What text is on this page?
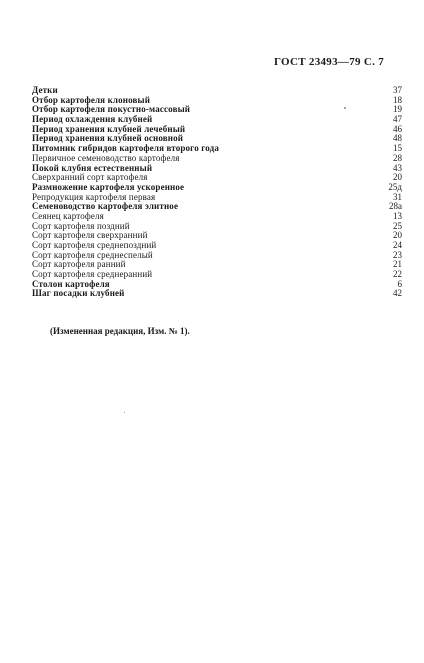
ГОСТ 23493—79 С. 7
Детки	37
Отбор картофеля клоновый	18
Отбор картофеля покустно-массовый	19
Период охлаждения клубней	47
Период хранения клубней лечебный	46
Период хранения клубней основной	48
Питомник гибридов картофеля второго года	15
Первичное семеноводство картофеля	28
Покой клубня естественный	43
Сверхранний сорт картофеля	20
Размножение картофеля ускоренное	25д
Репродукция картофеля первая	31
Семеноводство картофеля элитное	28а
Сеянец картофеля	13
Сорт картофеля поздний	25
Сорт картофеля сверхранний	20
Сорт картофеля среднепоздний	24
Сорт картофеля среднеспелый	23
Сорт картофеля ранний	21
Сорт картофеля среднеранний	22
Столон картофеля	6
Шаг посадки клубней	42
(Измененная редакция, Изм. № 1).
